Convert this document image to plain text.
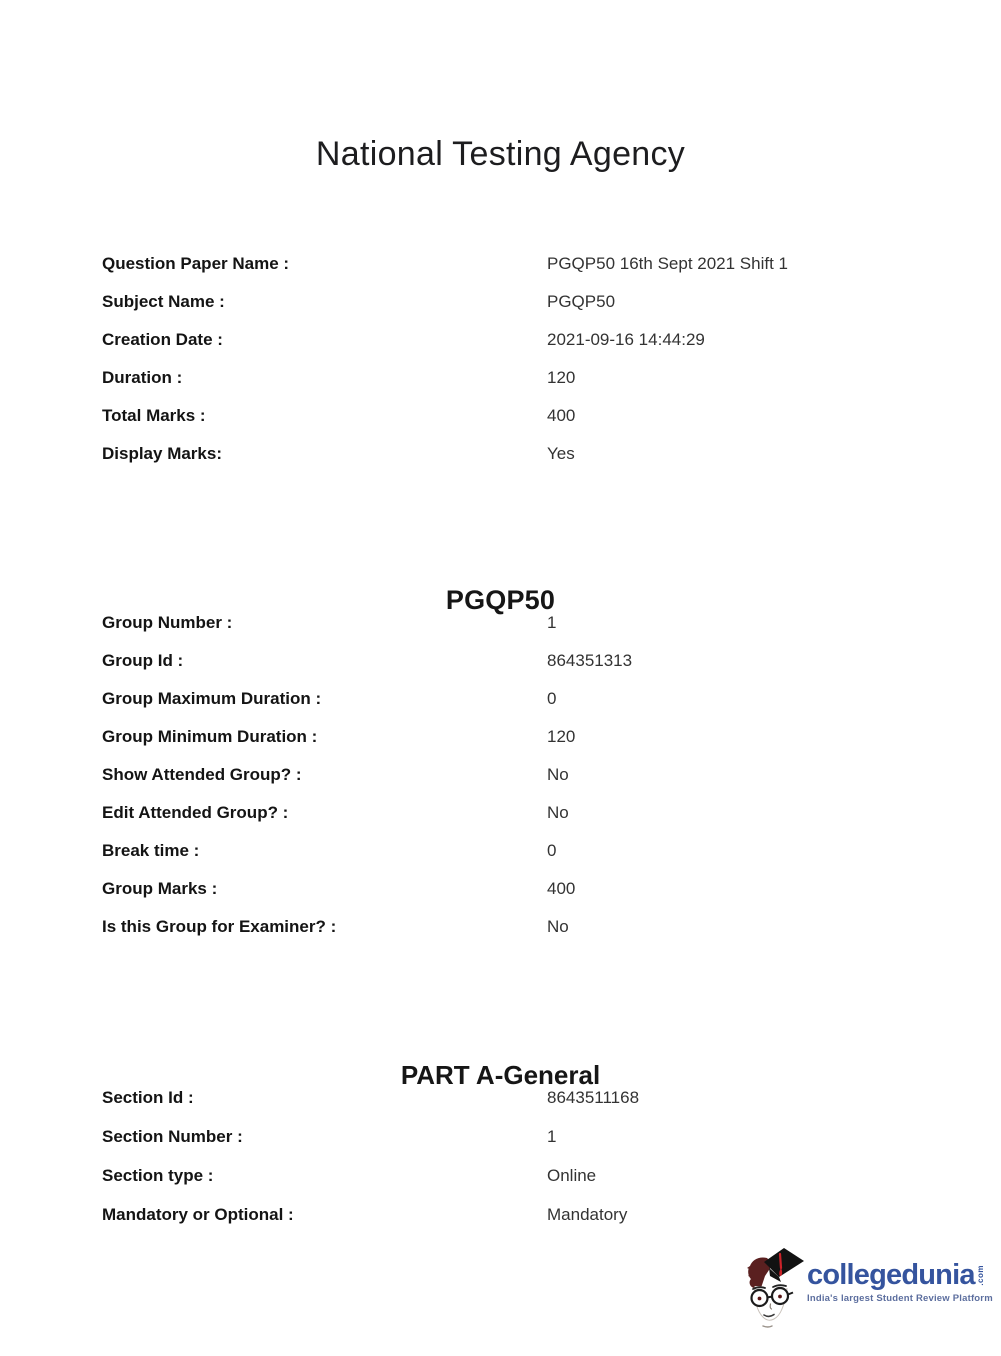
National Testing Agency
Question Paper Name :	PGQP50 16th Sept 2021 Shift 1
Subject Name :	PGQP50
Creation Date :	2021-09-16 14:44:29
Duration :	120
Total Marks :	400
Display Marks:	Yes
PGQP50
Group Number :	1
Group Id :	864351313
Group Maximum Duration :	0
Group Minimum Duration :	120
Show Attended Group? :	No
Edit Attended Group? :	No
Break time :	0
Group Marks :	400
Is this Group for Examiner? :	No
PART A-General
Section Id :	8643511168
Section Number :	1
Section type :	Online
Mandatory or Optional :	Mandatory
collegedunia .com
India's largest Student Review Platform
